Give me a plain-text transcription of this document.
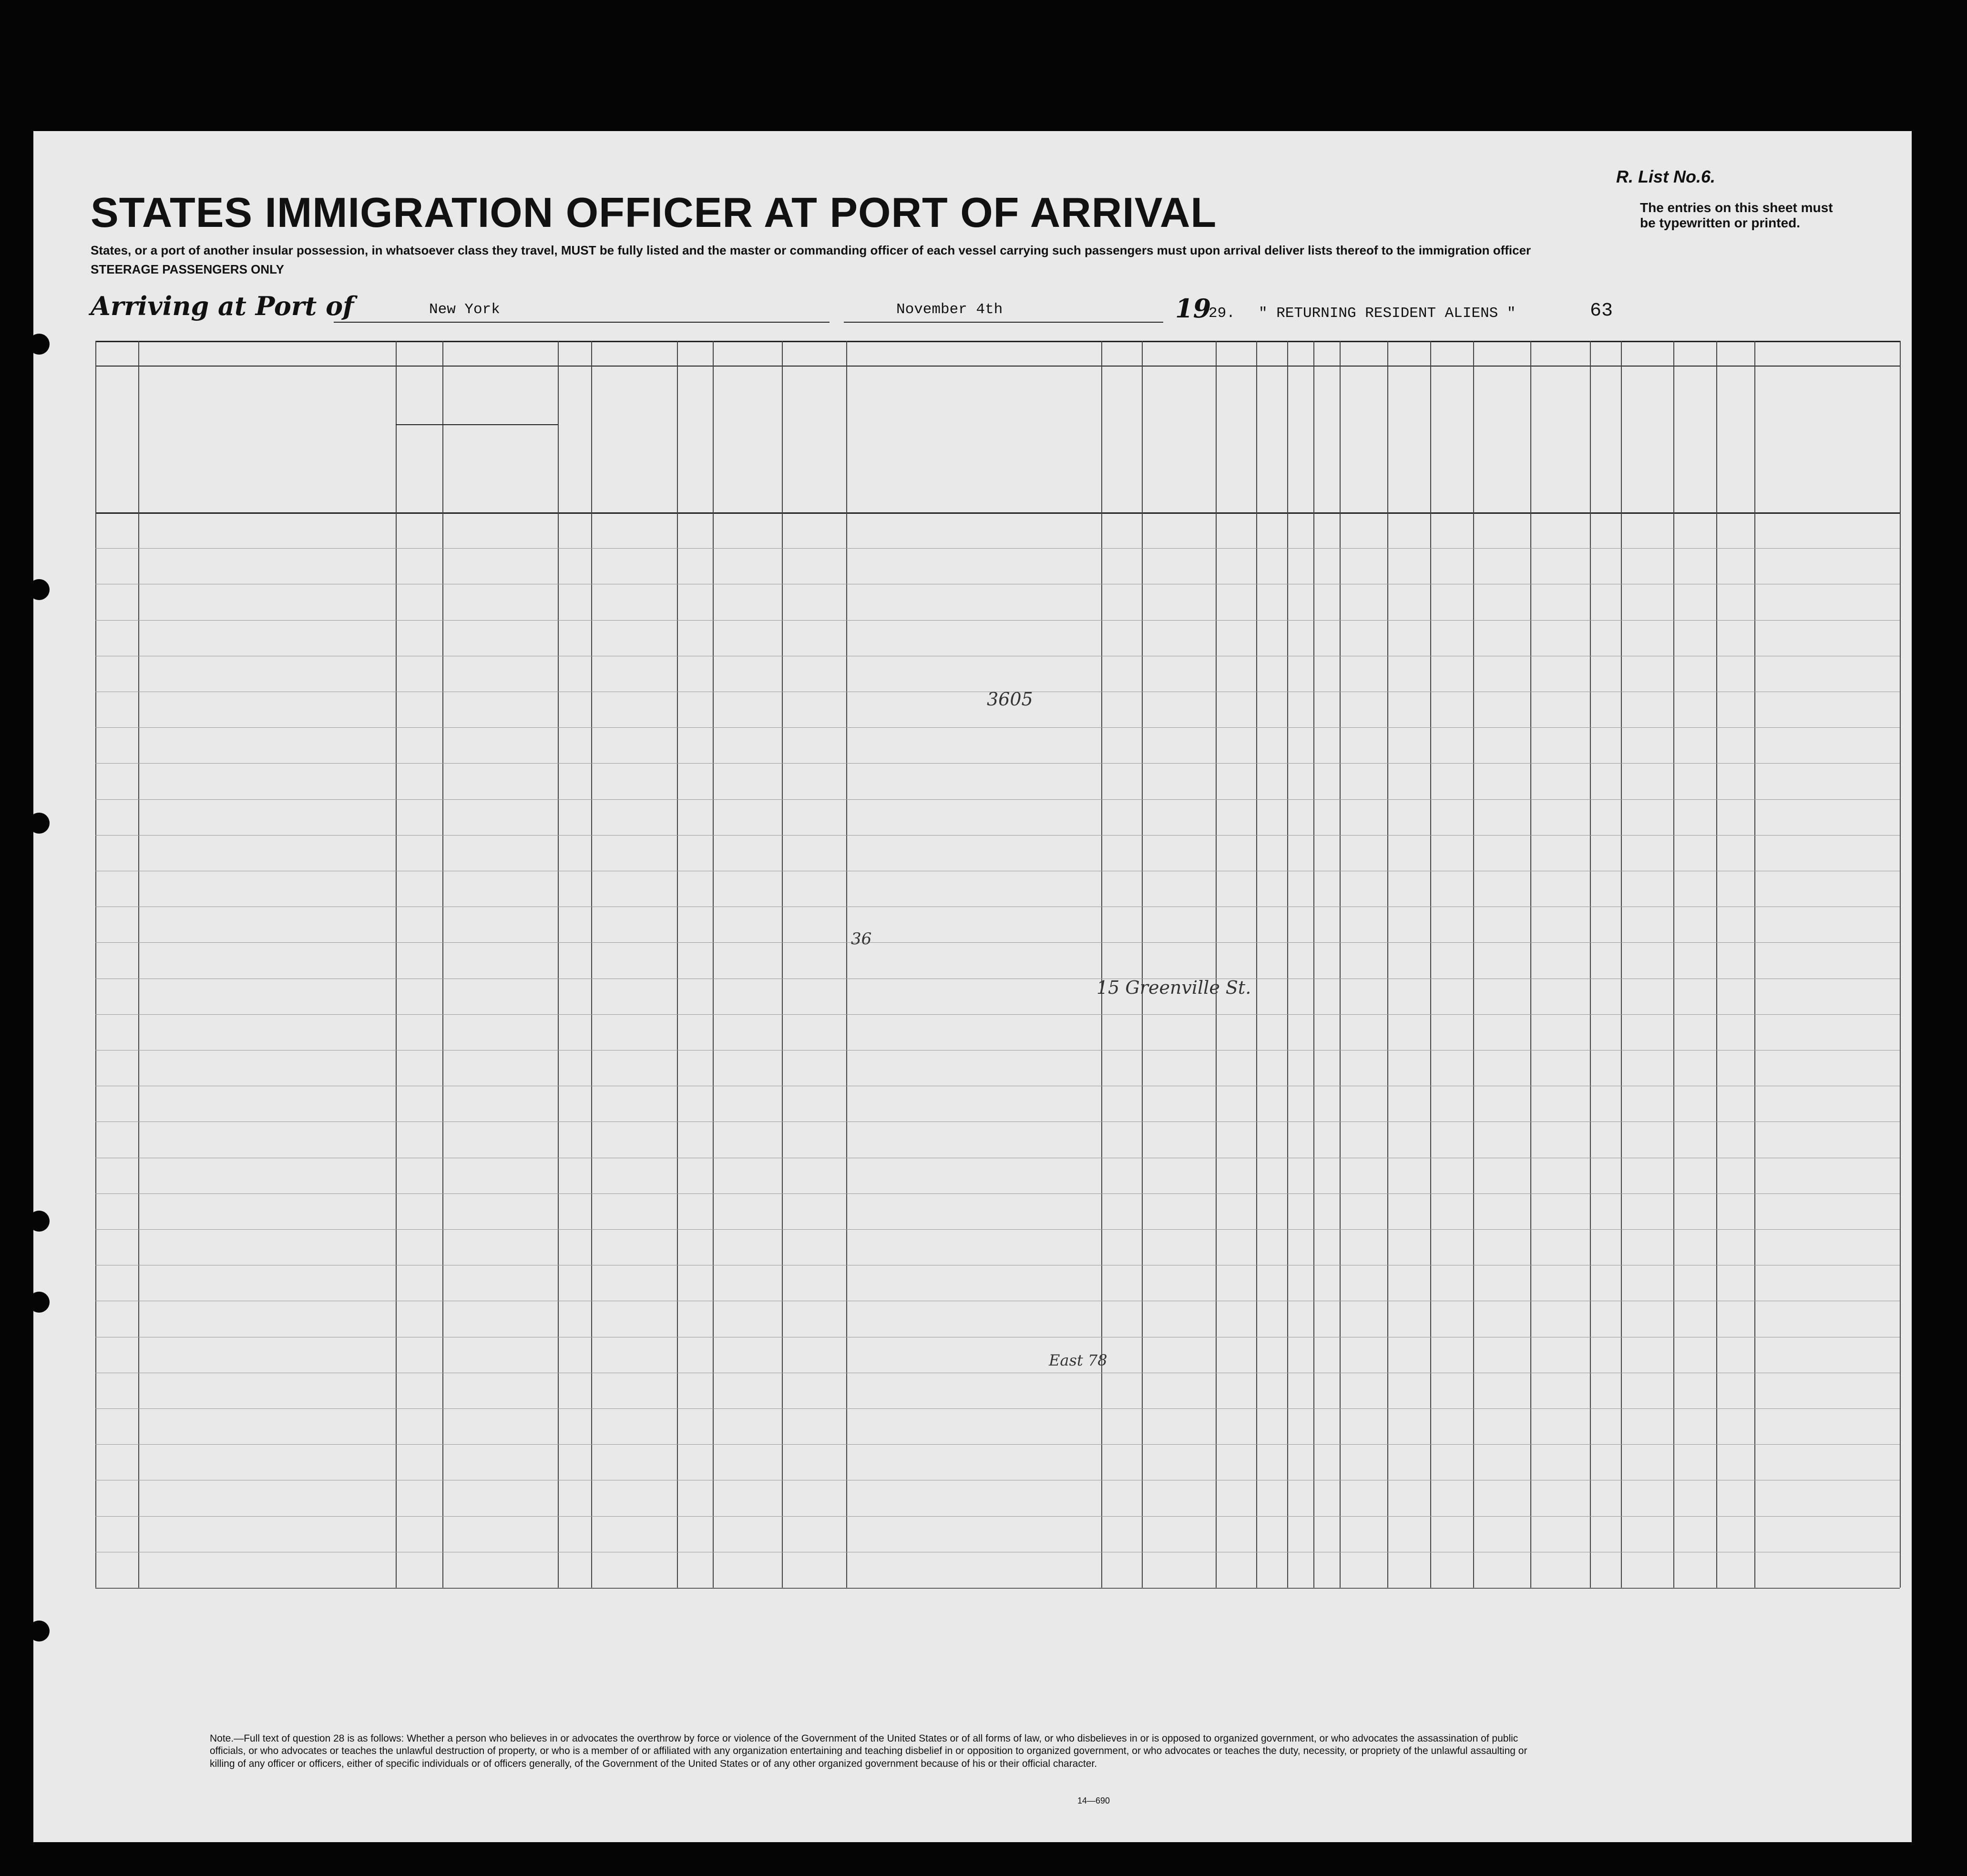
R. List No.6.
The entries on this sheet must be typewritten or printed.
STATES IMMIGRATION OFFICER AT PORT OF ARRIVAL
States, or a port of another insular possession, in whatsoever class they travel, MUST be fully listed and the master or commanding officer of each vessel carrying such passengers must upon arrival deliver lists thereof to the immigration officer
STEERAGE PASSENGERS ONLY
Arriving at Port of	New York	November 4th	19
29. " RETURNING RESIDENT ALIENS "	63
3605
36
15 Greenville St.
East 78
Note.—Full text of question 28 is as follows: Whether a person who believes in or advocates the overthrow by force or violence of the Government of the United States or of all forms of law, or who disbelieves in or is opposed to organized government, or who advocates the assassination of public officials, or who advocates or teaches the unlawful destruction of property, or who is a member of or affiliated with any organization entertaining and teaching disbelief in or opposition to organized government, or who advocates or teaches the duty, necessity, or propriety of the unlawful assaulting or killing of any officer or officers, either of specific individuals or of officers generally, of the Government of the United States or of any other organized government because of his or their official character.
14—690
